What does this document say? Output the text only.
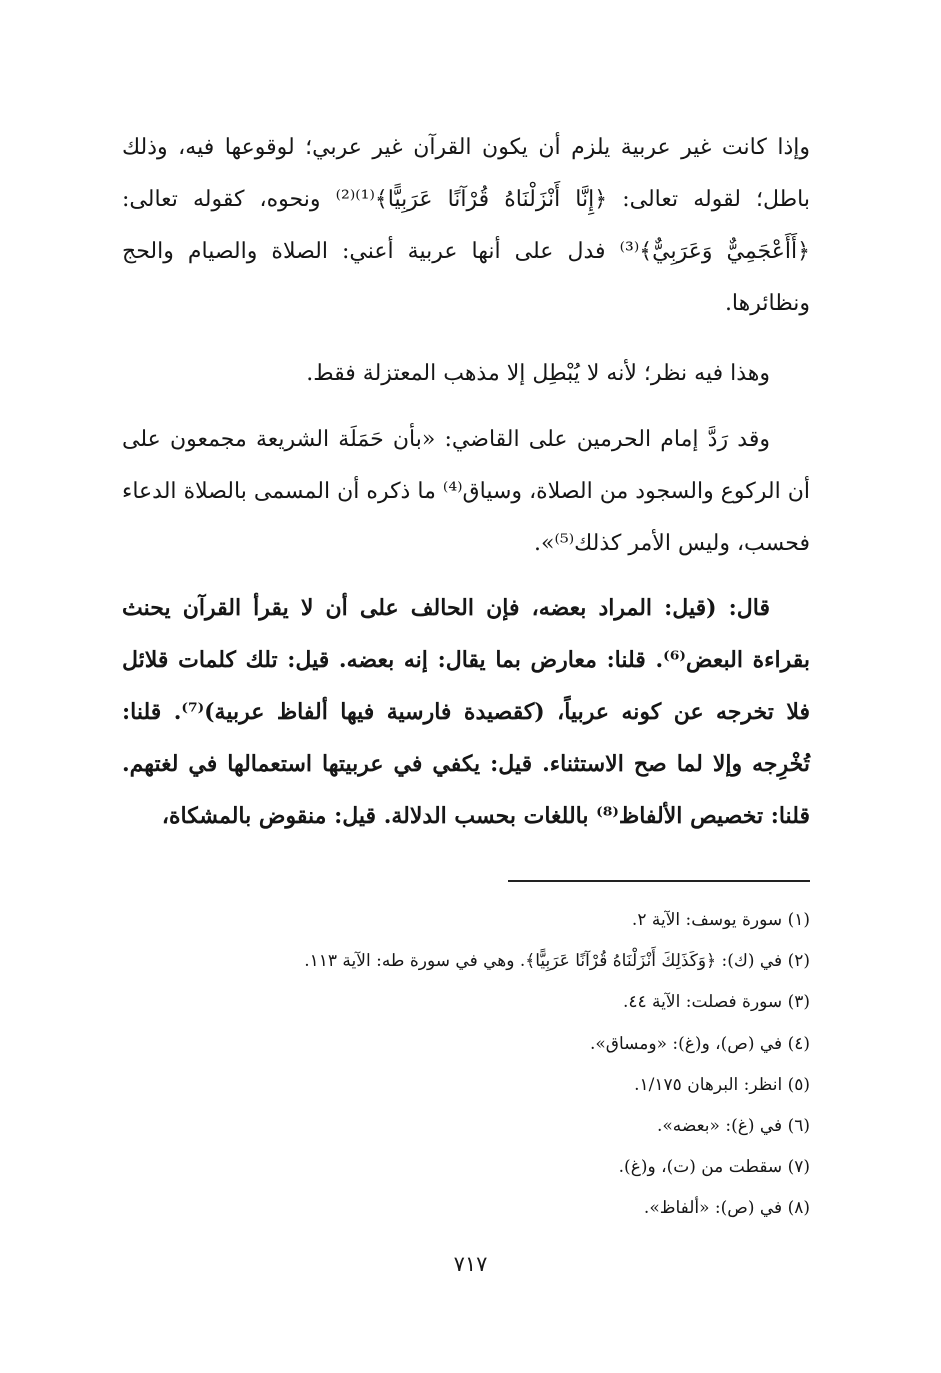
وإذا كانت غير عربية يلزم أن يكون القرآن غير عربي؛ لوقوعها فيه، وذلك باطل؛ لقوله تعالى: ﴿إِنَّا أَنْزَلْنَاهُ قُرْآنًا عَرَبِيًّا﴾⁽¹⁾⁽²⁾ ونحوه، كقوله تعالى: ﴿أَأَعْجَمِيٌّ وَعَرَبِيٌّ﴾⁽³⁾ فدل على أنها عربية أعني: الصلاة والصيام والحج ونظائرها.

وهذا فيه نظر؛ لأنه لا يُبْطِل إلا مذهب المعتزلة فقط.

وقد رَدَّ إمام الحرمين على القاضي: «بأن حَمَلَة الشريعة مجمعون على أن الركوع والسجود من الصلاة، وسياق⁽⁴⁾ ما ذكره أن المسمى بالصلاة الدعاء فحسب، وليس الأمر كذلك⁽⁵⁾».

قال: (قيل: المراد بعضه، فإن الحالف على أن لا يقرأ القرآن يحنث بقراءة البعض⁽⁶⁾. قلنا: معارض بما يقال: إنه بعضه. قيل: تلك كلمات قلائل فلا تخرجه عن كونه عربياً، (كقصيدة فارسية فيها ألفاظ عربية)⁽⁷⁾. قلنا: تُخْرِجه وإلا لما صح الاستثناء. قيل: يكفي في عربيتها استعمالها في لغتهم. قلنا: تخصيص الألفاظ⁽⁸⁾ باللغات بحسب الدلالة. قيل: منقوض بالمشكاة،

(١) سورة يوسف: الآية ٢.
(٢) في (ك): ﴿وَكَذَلِكَ أَنْزَلْنَاهُ قُرْآنًا عَرَبِيًّا﴾. وهي في سورة طه: الآية ١١٣.
(٣) سورة فصلت: الآية ٤٤.
(٤) في (ص)، و(غ): «ومساق».
(٥) انظر: البرهان ١/١٧٥.
(٦) في (غ): «بعضه».
(٧) سقطت من (ت)، و(غ).
(٨) في (ص): «ألفاظ».
٧١٧
